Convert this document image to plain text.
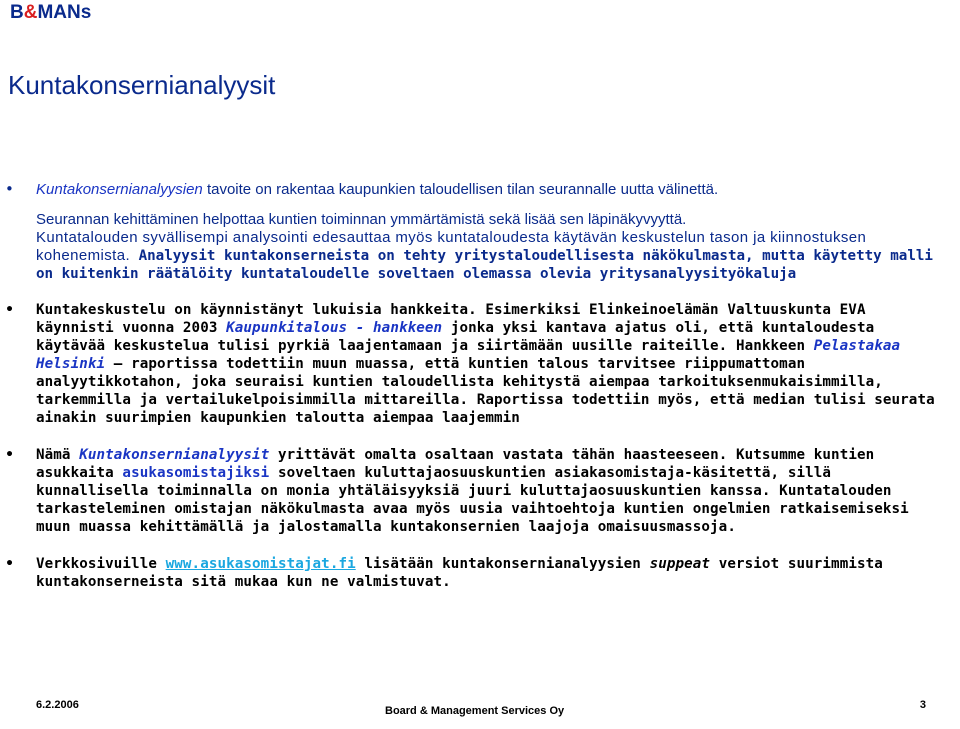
B&MANs
Kuntakonsernianalyysit
• Kuntakonsernianalyysien tavoite on rakentaa kaupunkien taloudellisen tilan seurannalle uutta välinettä.
Seurannan kehittäminen helpottaa kuntien toiminnan ymmärtämistä sekä lisää sen läpinäkyvyyttä.
Kuntatalouden syvällisempi analysointi edesauttaa myös kuntataloudesta käytävän keskustelun tason ja kiinnostuksen kohenemista. Analyysit kuntakonserneista on tehty yritystaloudellisesta näkökulmasta, mutta käytetty malli on kuitenkin räätälöity kuntataloudelle soveltaen olemassa olevia yritysanalyysityökaluja
• Kuntakeskustelu on käynnistänyt lukuisia hankkeita. Esimerkiksi Elinkeinoelämän Valtuuskunta EVA käynnisti vuonna 2003 Kaupunkitalous - hankkeen jonka yksi kantava ajatus oli, että kuntaloudesta käytävää keskustelua tulisi pyrkiä laajentamaan ja siirtämään uusille raiteille. Hankkeen Pelastakaa Helsinki – raportissa todettiin muun muassa, että kuntien talous tarvitsee riippumattoman analyytikkotahon, joka seuraisi kuntien taloudellista kehitystä aiempaa tarkoituksenmukaisimmilla, tarkemmilla ja vertailukelpoisimmilla mittareilla. Raportissa todettiin myös, että median tulisi seurata ainakin suurimpien kaupunkien taloutta aiempaa laajemmin
• Nämä Kuntakonsernianalyysit yrittävät omalta osaltaan vastata tähän haasteeseen. Kutsumme kuntien asukkaita asukasomistajiksi soveltaen kuluttajaosuuskuntien asiakasomistaja-käsitettä, sillä kunnallisella toiminnalla on monia yhtäläisyyksiä juuri kuluttajaosuuskuntien kanssa. Kuntatalouden tarkasteleminen omistajan näkökulmasta avaa myös uusia vaihtoehtoja kuntien ongelmien ratkaisemiseksi muun muassa kehittämällä ja jalostamalla kuntakonsernien laajoja omaisuusmassoja.
• Verkkosivuille www.asukasomistajat.fi lisätään kuntakonsernianalyysien suppeat versiot suurimmista kuntakonserneista sitä mukaa kun ne valmistuvat.
6.2.2006	Board & Management Services Oy	3
